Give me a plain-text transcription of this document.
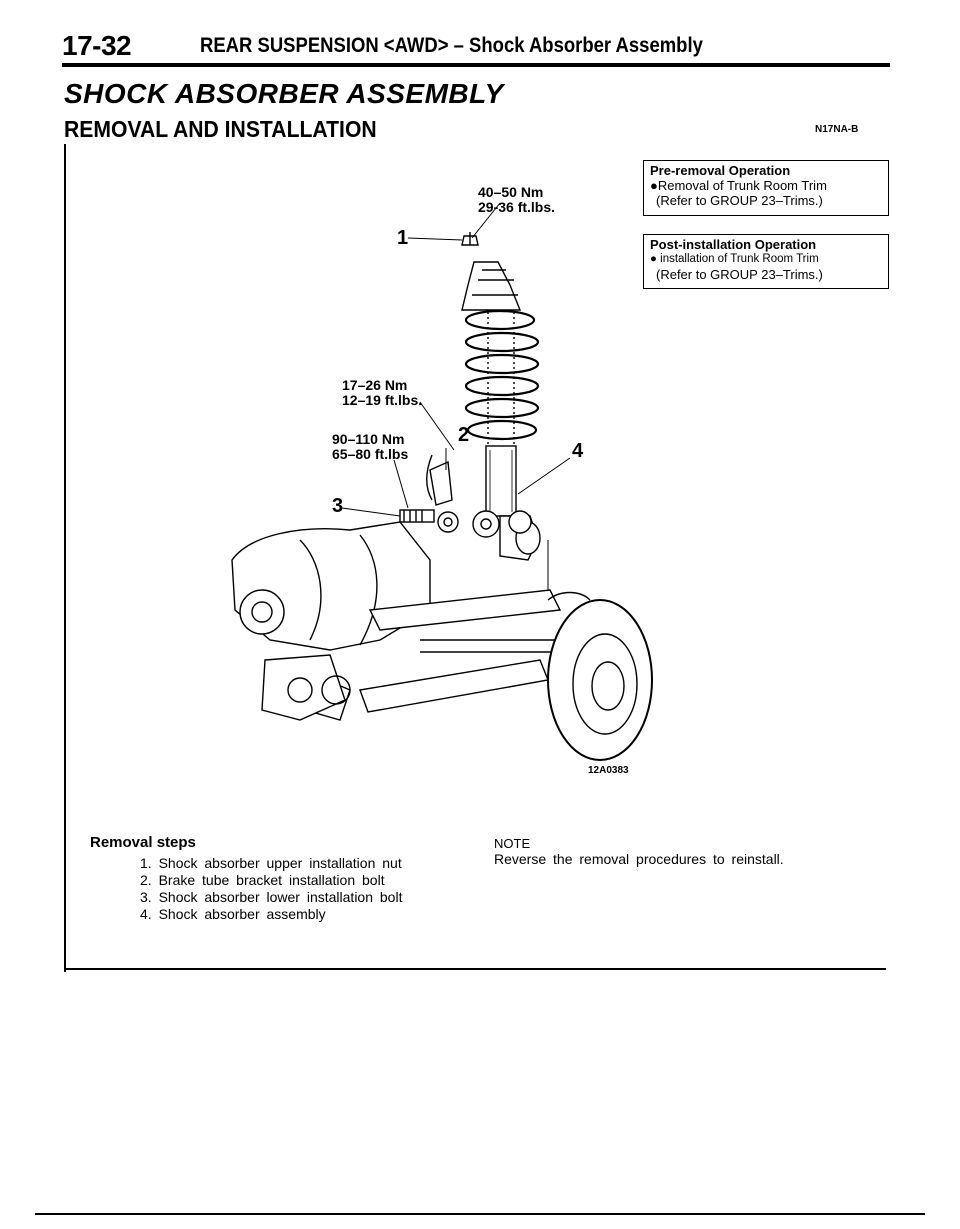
17-32	REAR SUSPENSION <AWD> – Shock Absorber Assembly
SHOCK ABSORBER ASSEMBLY
REMOVAL AND INSTALLATION	N17NA-B
Pre-removal Operation
●Removal of Trunk Room Trim
(Refer to GROUP 23–Trims.)
Post-installation Operation
● installation of Trunk Room Trim
(Refer to GROUP 23–Trims.)
40–50 Nm
29-36 ft.lbs.
17–26 Nm
12–19 ft.lbs.
90–110 Nm
65–80 ft.lbs
1
2
3
4
12A0383
Removal steps
1. Shock absorber upper installation nut
2. Brake tube bracket installation bolt
3. Shock absorber lower installation bolt
4. Shock absorber assembly
NOTE
Reverse the removal procedures to reinstall.
